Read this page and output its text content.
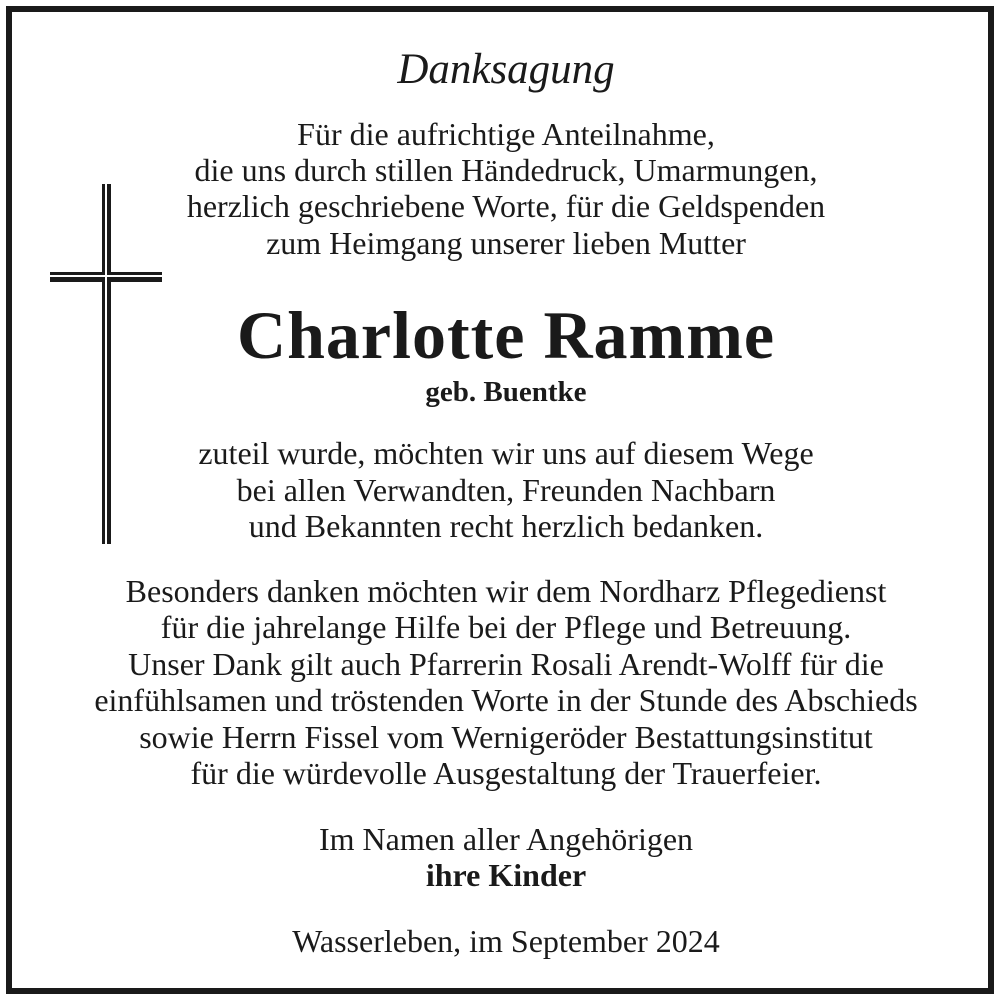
Danksagung
Für die aufrichtige Anteilnahme,
die uns durch stillen Händedruck, Umarmungen,
herzlich geschriebene Worte, für die Geldspenden
zum Heimgang unserer lieben Mutter
Charlotte Ramme
geb. Buentke
zuteil wurde, möchten wir uns auf diesem Wege
bei allen Verwandten, Freunden Nachbarn
und Bekannten recht herzlich bedanken.
Besonders danken möchten wir dem Nordharz Pflegedienst
für die jahrelange Hilfe bei der Pflege und Betreuung.
Unser Dank gilt auch Pfarrerin Rosali Arendt-Wolff für die
einfühlsamen und tröstenden Worte in der Stunde des Abschieds
sowie Herrn Fissel vom Wernigeröder Bestattungsinstitut
für die würdevolle Ausgestaltung der Trauerfeier.
Im Namen aller Angehörigen
ihre Kinder
Wasserleben, im September 2024
